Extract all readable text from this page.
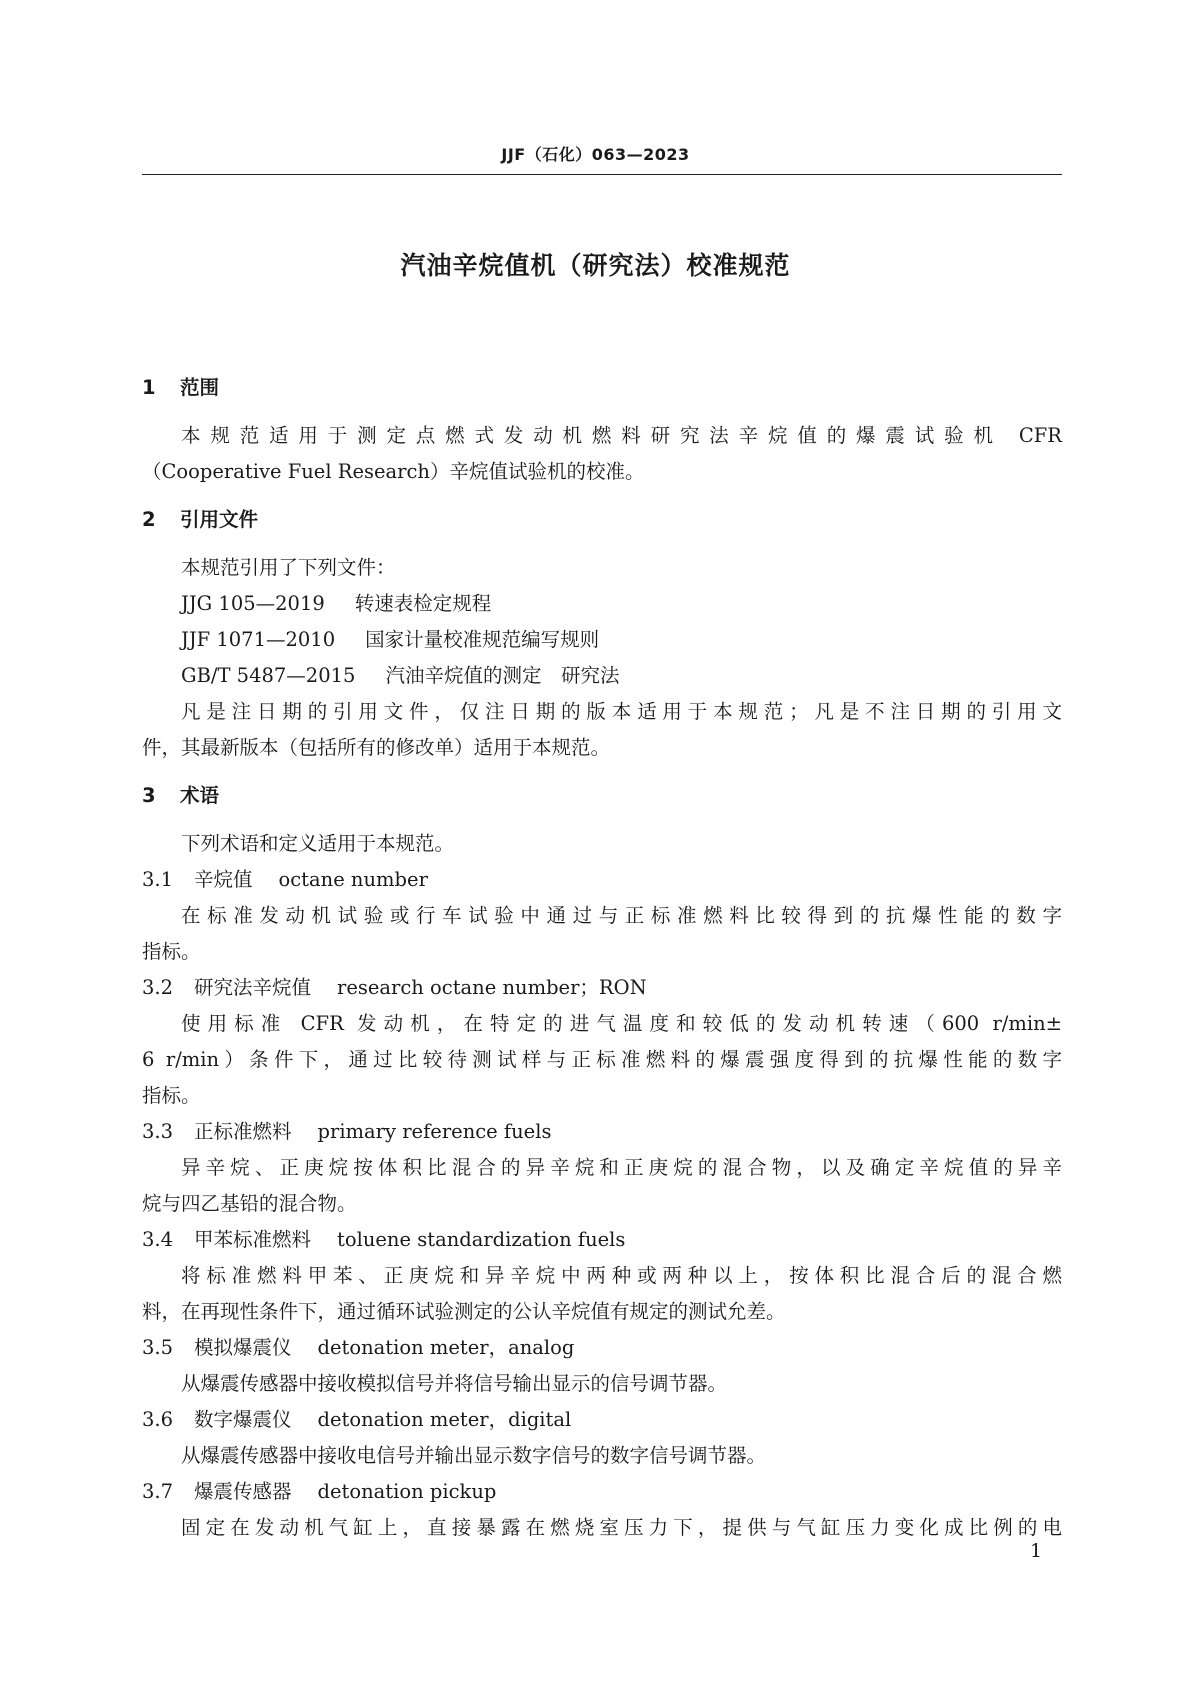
JJF（石化）063—2023
汽油辛烷值机（研究法）校准规范
1 范围
本规范适用于测定点燃式发动机燃料研究法辛烷值的爆震试验机 CFR
（Cooperative Fuel Research）辛烷值试验机的校准。
2 引用文件
本规范引用了下列文件：
JJG 105—2019 转速表检定规程
JJF 1071—2010 国家计量校准规范编写规则
GB/T 5487—2015 汽油辛烷值的测定　研究法
凡是注日期的引用文件，仅注日期的版本适用于本规范；凡是不注日期的引用文
件，其最新版本（包括所有的修改单）适用于本规范。
3 术语
下列术语和定义适用于本规范。
3.1 辛烷值 octane number
在标准发动机试验或行车试验中通过与正标准燃料比较得到的抗爆性能的数字
指标。
3.2 研究法辛烷值 research octane number；RON
使用标准 CFR 发动机，在特定的进气温度和较低的发动机转速（600 r/min±
6 r/min）条件下，通过比较待测试样与正标准燃料的爆震强度得到的抗爆性能的数字
指标。
3.3 正标准燃料 primary reference fuels
异辛烷、正庚烷按体积比混合的异辛烷和正庚烷的混合物，以及确定辛烷值的异辛
烷与四乙基铅的混合物。
3.4 甲苯标准燃料 toluene standardization fuels
将标准燃料甲苯、正庚烷和异辛烷中两种或两种以上，按体积比混合后的混合燃
料，在再现性条件下，通过循环试验测定的公认辛烷值有规定的测试允差。
3.5 模拟爆震仪 detonation meter，analog
从爆震传感器中接收模拟信号并将信号输出显示的信号调节器。
3.6 数字爆震仪 detonation meter，digital
从爆震传感器中接收电信号并输出显示数字信号的数字信号调节器。
3.7 爆震传感器 detonation pickup
固定在发动机气缸上，直接暴露在燃烧室压力下，提供与气缸压力变化成比例的电
1
